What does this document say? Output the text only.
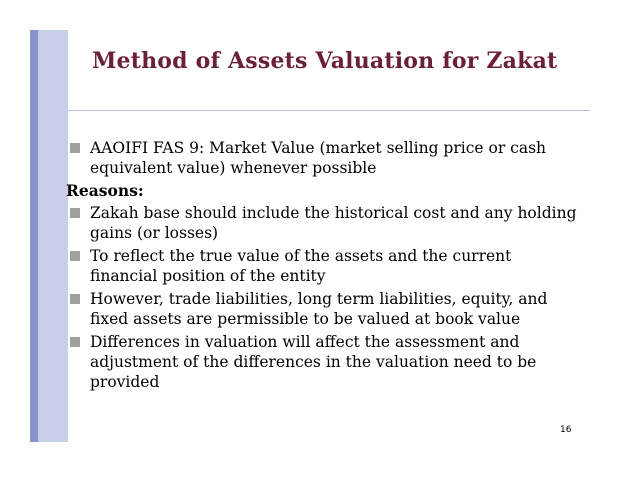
Method of Assets Valuation for Zakat
AAOIFI FAS 9: Market Value (market selling price or cash equivalent value) whenever possible
Reasons:
Zakah base should include the historical cost and any holding gains (or losses)
To reflect the true value of the assets and the current financial position of the entity
However, trade liabilities, long term liabilities, equity, and fixed assets are permissible to be valued at book value
Differences in valuation will affect the assessment and adjustment of the differences in the valuation need to be provided
16
